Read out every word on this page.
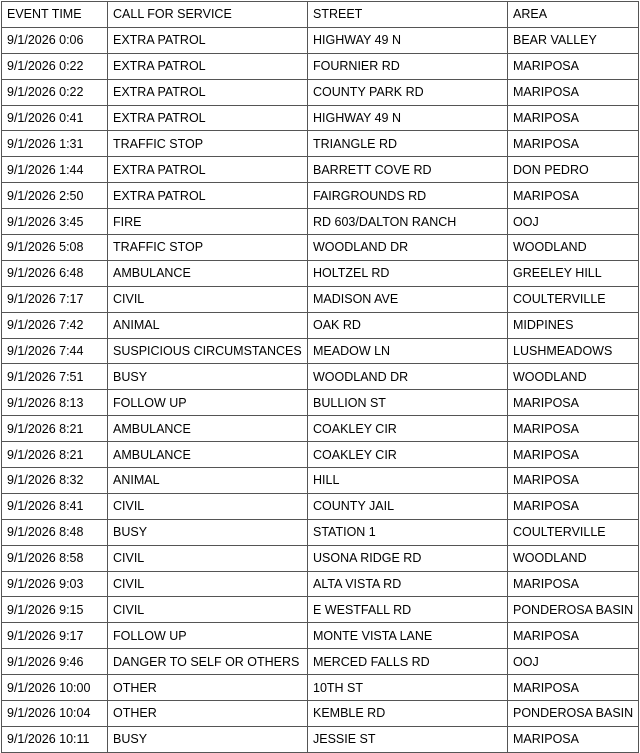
EVENT TIME	CALL FOR SERVICE	STREET	AREA
9/1/2026 0:06	EXTRA PATROL	HIGHWAY 49 N	BEAR VALLEY
9/1/2026 0:22	EXTRA PATROL	FOURNIER RD	MARIPOSA
9/1/2026 0:22	EXTRA PATROL	COUNTY PARK RD	MARIPOSA
9/1/2026 0:41	EXTRA PATROL	HIGHWAY 49 N	MARIPOSA
9/1/2026 1:31	TRAFFIC STOP	TRIANGLE RD	MARIPOSA
9/1/2026 1:44	EXTRA PATROL	BARRETT COVE RD	DON PEDRO
9/1/2026 2:50	EXTRA PATROL	FAIRGROUNDS RD	MARIPOSA
9/1/2026 3:45	FIRE	RD 603/DALTON RANCH	OOJ
9/1/2026 5:08	TRAFFIC STOP	WOODLAND DR	WOODLAND
9/1/2026 6:48	AMBULANCE	HOLTZEL RD	GREELEY HILL
9/1/2026 7:17	CIVIL	MADISON AVE	COULTERVILLE
9/1/2026 7:42	ANIMAL	OAK RD	MIDPINES
9/1/2026 7:44	SUSPICIOUS CIRCUMSTANCES	MEADOW LN	LUSHMEADOWS
9/1/2026 7:51	BUSY	WOODLAND DR	WOODLAND
9/1/2026 8:13	FOLLOW UP	BULLION ST	MARIPOSA
9/1/2026 8:21	AMBULANCE	COAKLEY CIR	MARIPOSA
9/1/2026 8:21	AMBULANCE	COAKLEY CIR	MARIPOSA
9/1/2026 8:32	ANIMAL	HILL	MARIPOSA
9/1/2026 8:41	CIVIL	COUNTY JAIL	MARIPOSA
9/1/2026 8:48	BUSY	STATION 1	COULTERVILLE
9/1/2026 8:58	CIVIL	USONA RIDGE RD	WOODLAND
9/1/2026 9:03	CIVIL	ALTA VISTA RD	MARIPOSA
9/1/2026 9:15	CIVIL	E WESTFALL RD	PONDEROSA BASIN
9/1/2026 9:17	FOLLOW UP	MONTE VISTA LANE	MARIPOSA
9/1/2026 9:46	DANGER TO SELF OR OTHERS	MERCED FALLS RD	OOJ
9/1/2026 10:00	OTHER	10TH ST	MARIPOSA
9/1/2026 10:04	OTHER	KEMBLE RD	PONDEROSA BASIN
9/1/2026 10:11	BUSY	JESSIE ST	MARIPOSA
